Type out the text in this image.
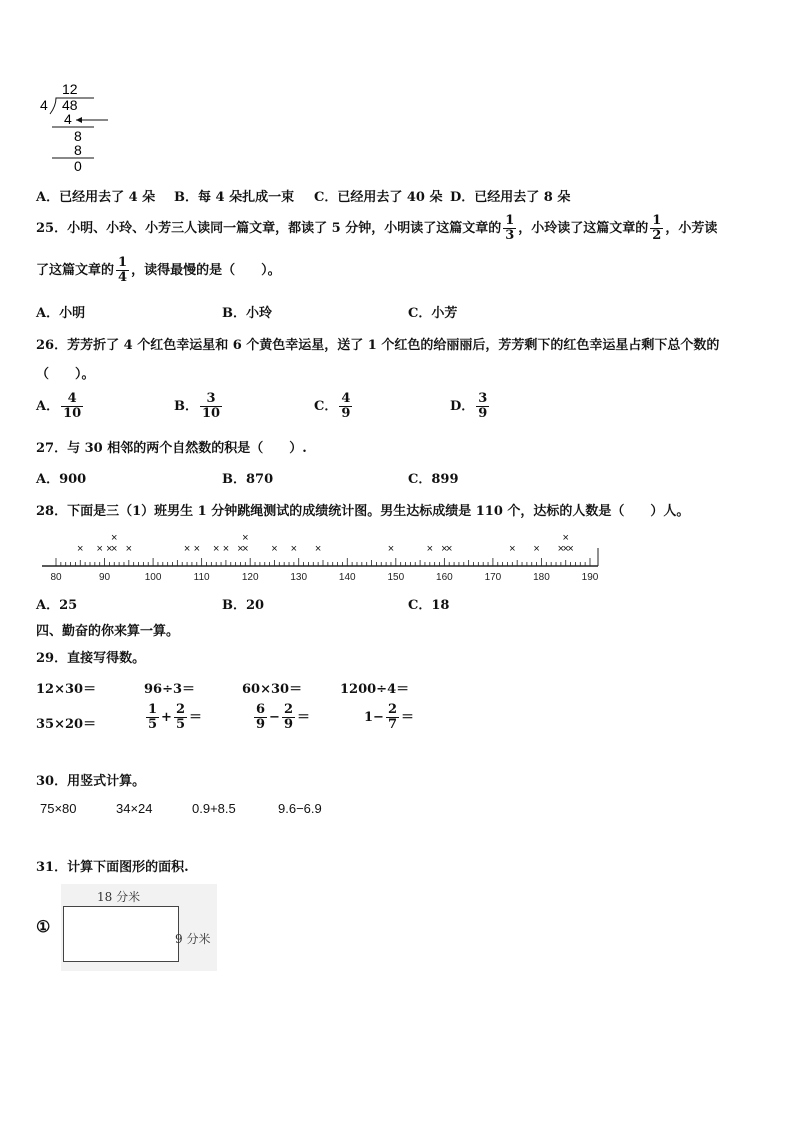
12
4 48
4
8
8
0
A．已经用去了 4 朵 B．每 4 朵扎成一束 C．已经用去了 40 朵 D．已经用去了 8 朵
25．小明、小玲、小芳三人读同一篇文章，都读了 5 分钟，小明读了这篇文章的 $\frac{1}{3}$ ，小玲读了这篇文章的 $\frac{1}{2}$ ，小芳读
了这篇文章的 $\frac{1}{4}$ ，读得最慢的是（　　）。
A．小明	B．小玲	C．小芳
26．芳芳折了 4 个红色幸运星和 6 个黄色幸运星，送了 1 个红色的给丽丽后，芳芳剩下的红色幸运星占剩下总个数的
（　　）。
A． $\frac{4}{10}$	B． $\frac{3}{10}$	C． $\frac{4}{9}$	D． $\frac{3}{9}$
27．与 30 相邻的两个自然数的积是（　　）.
A．900	B．870	C．899
28．下面是三（1）班男生 1 分钟跳绳测试的成绩统计图。男生达标成绩是 110 个，达标的人数是（　　）人。
80	90	100	110	120	130	140	150	160	170	180	190
× × ×
×
×
×	× × × × ×
×
×
× × ×	×	× ×
×	× × ×
×
×
×
A．25	B．20	C．18
四、勤奋的你来算一算。
29．直接写得数。
12×30＝	96÷3＝	60×30＝	1200÷4＝
35×20＝	$\frac{1}{5} + \frac{2}{5}$ ＝	$\frac{6}{9} - \frac{2}{9}$ ＝	$1- \frac{2}{7}$ ＝
30．用竖式计算。
75×80	34×24	0.9+8.5	9.6−6.9
31．计算下面图形的面积.
①
18 分米
9 分米
